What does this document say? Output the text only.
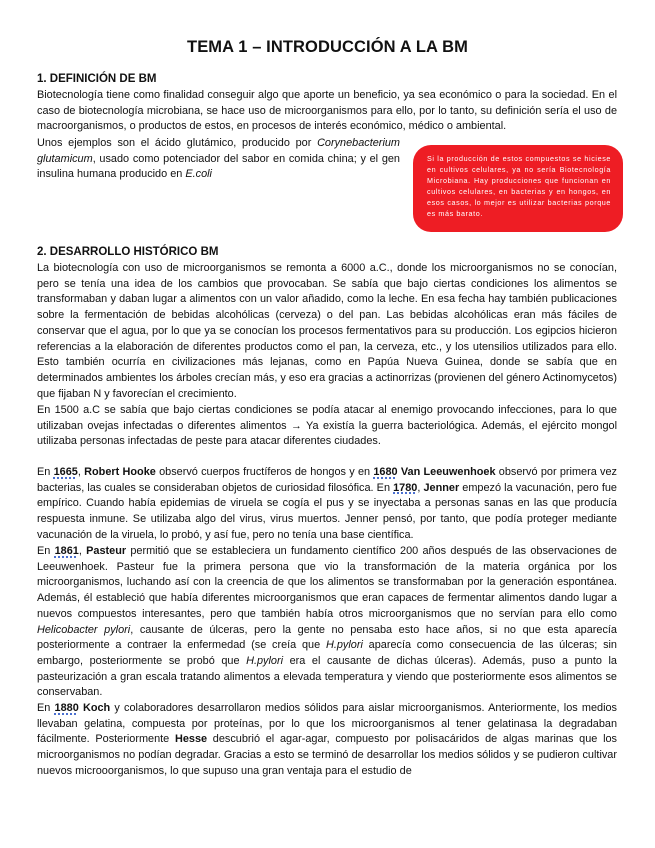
TEMA 1 – INTRODUCCIÓN A LA BM
1. DEFINICIÓN DE BM

Biotecnología tiene como finalidad conseguir algo que aporte un beneficio, ya sea económico o para la sociedad. En el caso de biotecnología microbiana, se hace uso de microorganismos para ello, por lo tanto, su definición sería el uso de macroorganismos, o productos de estos, en procesos de interés económico, médico o ambiental.

Unos ejemplos son el ácido glutámico, producido por Corynebacterium glutamicum, usado como potenciador del sabor en comida china; y el gen insulina humana producido en E.coli

Si la producción de estos compuestos se hiciese en cultivos celulares, ya no sería Biotecnología Microbiana. Hay producciones que funcionan en cultivos celulares, en bacterias y en hongos, en esos casos, lo mejor es utilizar bacterias porque es más barato.
2. DESARROLLO HISTÓRICO BM

La biotecnología con uso de microorganismos se remonta a 6000 a.C., donde los microorganismos no se conocían, pero se tenía una idea de los cambios que provocaban. Se sabía que bajo ciertas condiciones los alimentos se transformaban y daban lugar a alimentos con un valor añadido, como la leche. En esa fecha hay también publicaciones sobre la fermentación de bebidas alcohólicas (cerveza) o del pan. Las bebidas alcohólicas eran más fáciles de conservar que el agua, por lo que ya se conocían los procesos fermentativos para su producción. Los egipcios hicieron referencias a la elaboración de diferentes productos como el pan, la cerveza, etc., y los utensilios utilizados para ello. Esto también ocurría en civilizaciones más lejanas, como en Papúa Nueva Guinea, donde se sabía que en determinados ambientes los árboles crecían más, y eso era gracias a actinorrizas (provienen del género Actinomycetos) que fijaban N y favorecían el crecimiento.

En 1500 a.C se sabía que bajo ciertas condiciones se podía atacar al enemigo provocando infecciones, para lo que utilizaban ovejas infectadas o diferentes alimentos → Ya existía la guerra bacteriológica. Además, el ejército mongol utilizaba personas infectadas de peste para atacar diferentes ciudades.

En 1665, Robert Hooke observó cuerpos fructíferos de hongos y en 1680 Van Leeuwenhoek observó por primera vez bacterias, las cuales se consideraban objetos de curiosidad filosófica. En 1780, Jenner empezó la vacunación, pero fue empírico. Cuando había epidemias de viruela se cogía el pus y se inyectaba a personas sanas en las que producía respuesta inmune. Se utilizaba algo del virus, virus muertos. Jenner pensó, por tanto, que podía proteger mediante vacunación de la viruela, lo probó, y así fue, pero no tenía una base científica.

En 1861, Pasteur permitió que se estableciera un fundamento científico 200 años después de las observaciones de Leeuwenhoek. Pasteur fue la primera persona que vio la transformación de la materia orgánica por los microorganismos, luchando así con la creencia de que los alimentos se transformaban por la generación espontánea. Además, él estableció que había diferentes microorganismos que eran capaces de fermentar alimentos dando lugar a nuevos compuestos interesantes, pero que también había otros microorganismos que no servían para ello como Helicobacter pylori, causante de úlceras, pero la gente no pensaba esto hace años, si no que esta aparecía posteriormente a contraer la enfermedad (se creía que H.pylori aparecía como consecuencia de las úlceras; sin embargo, posteriormente se probó que H.pylori era el causante de dichas úlceras). Además, puso a punto la pasteurización a gran escala tratando alimentos a elevada temperatura y viendo que posteriormente esos alimentos se conservaban.

En 1880 Koch y colaboradores desarrollaron medios sólidos para aislar microorganismos. Anteriormente, los medios llevaban gelatina, compuesta por proteínas, por lo que los microorganismos al tener gelatinasa la degradaban fácilmente. Posteriormente Hesse descubrió el agar-agar, compuesto por polisacáridos de algas marinas que los microorganismos no podían degradar. Gracias a esto se terminó de desarrollar los medios sólidos y se pudieron cultivar nuevos microoorganismos, lo que supuso una gran ventaja para el estudio de
